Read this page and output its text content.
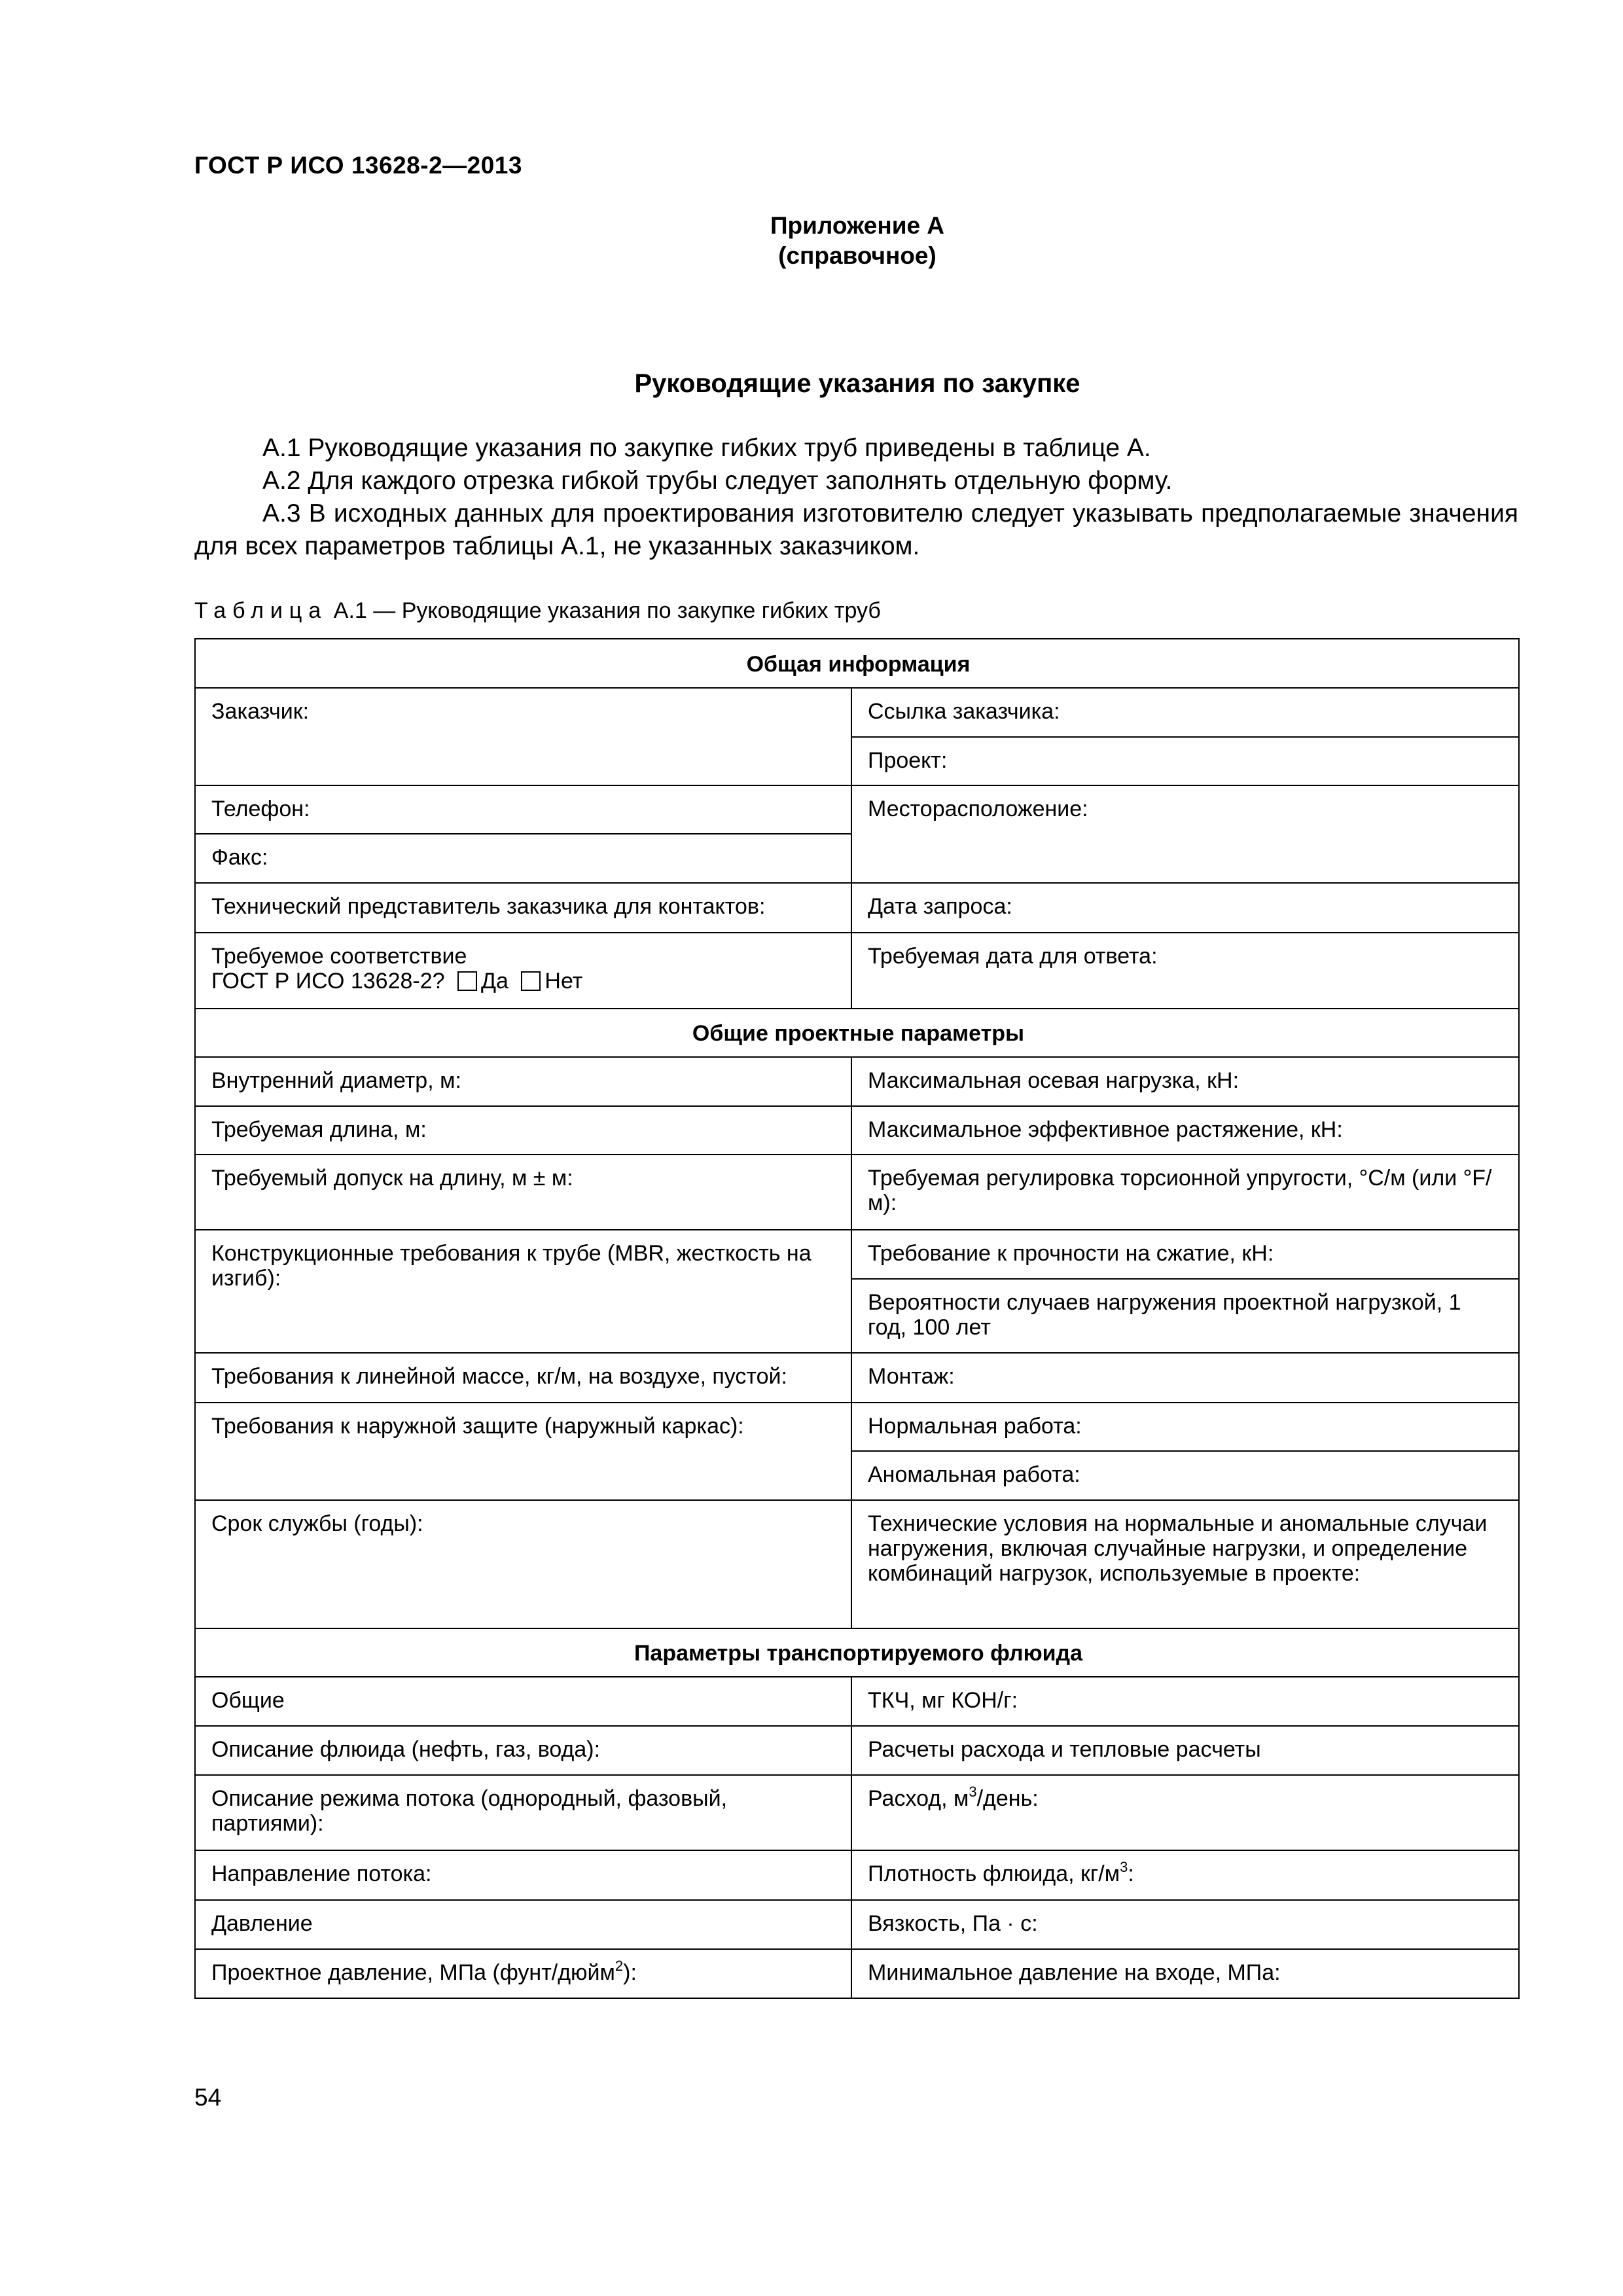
ГОСТ Р ИСО 13628-2—2013
Приложение А
(справочное)
Руководящие указания по закупке

А.1 Руководящие указания по закупке гибких труб приведены в таблице А.

А.2 Для каждого отрезка гибкой трубы следует заполнять отдельную форму.

А.3 В исходных данных для проектирования изготовителю следует указывать предполагаемые значения для всех параметров таблицы А.1, не указанных заказчиком.

Таблица А.1 — Руководящие указания по закупке гибких труб
Общая информация	
Заказчик:	Ссылка заказчика:
	Проект:
Телефон:	Месторасположение:
Факс:	
Технический представитель заказчика для контактов:	Дата запроса:

Требуемое соответствие
ГОСТ Р ИСО 13628-2? Да Нет	Требуемая дата для ответа:
Общие проектные параметры	
Внутренний диаметр, м:	Максимальная осевая нагрузка, кН:
Требуемая длина, м:	Максимальное эффективное растяжение, кН:
Требуемый допуск на длину, м ± м:	Требуемая регулировка торсионной упругости, °С/м (или °F/м):
Конструкционные требования к трубе (MBR, жесткость на изгиб):	Требование к прочности на сжатие, кН:
	Вероятности случаев нагружения проектной нагрузкой, 1 год, 100 лет
Требования к линейной массе, кг/м, на воздухе, пустой:	Монтаж:
Требования к наружной защите (наружный каркас):	Нормальная работа:
	Аномальная работа:
Срок службы (годы):	Технические условия на нормальные и аномальные случаи нагружения, включая случайные нагрузки, и определение комбинаций нагрузок, используемые в проекте:
Параметры транспортируемого флюида	
Общие	ТКЧ, мг КОН/г:
Описание флюида (нефть, газ, вода):	Расчеты расхода и тепловые расчеты
Описание режима потока (однородный, фазовый, партиями):	Расход, $м^3$/день:
Направление потока:	Плотность флюида, $кг/м^3$:
Давление	Вязкость, Па · с:
Проектное давление, МПа (фунт/дюйм$^2$):	Минимальное давление на входе, МПа:
54
